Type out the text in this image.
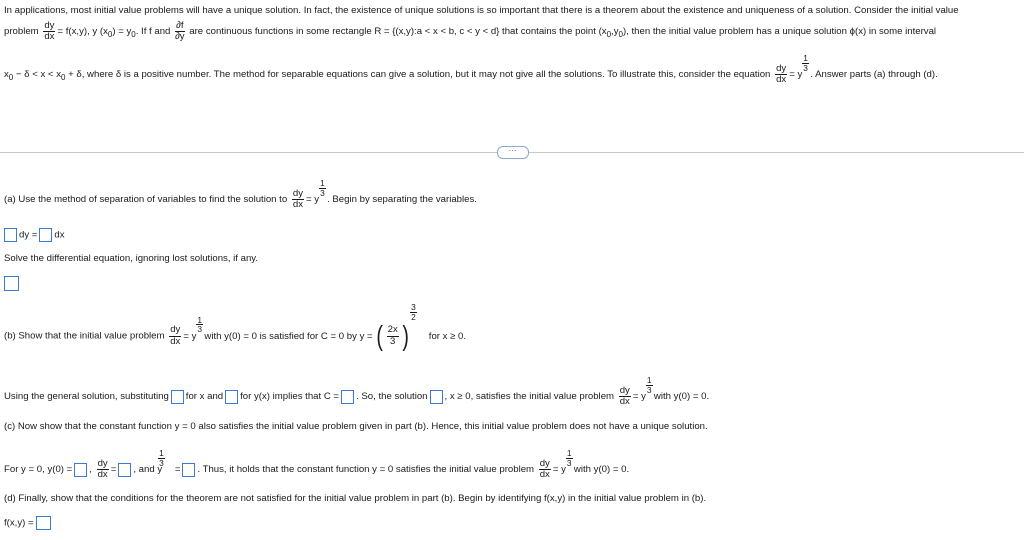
In applications, most initial value problems will have a unique solution. In fact, the existence of unique solutions is so important that there is a theorem about the existence and uniqueness of a solution. Consider the initial value
problem $\frac{dy}{dx} = f(x,y)$, y $(x_0) = y_0$. If f and $\frac{\partial f}{\partial y}$ are continuous functions in some rectangle R = {(x,y):a < x < b, c < y < d} that contains the point $(x_0,y_0)$, then the initial value problem has a unique solution ϕ(x) in some interval
$x_0 - \delta < x < x_0 + \delta$, where δ is a positive number. The method for separable equations can give a solution, but it may not give all the solutions. To illustrate this, consider the equation $\frac{dy}{dx} = y$
1
3
. Answer parts (a) through (d).
⋯
(a) Use the method of separation of variables to find the solution to $\frac{dy}{dx} = y$
1
3
. Begin by separating the variables.
dy = dx
Solve the differential equation, ignoring lost solutions, if any.
(b) Show that the initial value problem $\frac{dy}{dx} = y$
1
3
with y(0) = 0 is satisfied for C = 0 by y = ( $\frac{2x}{3}$ )
3
2
for x ≥ 0.
Using the general solution, substituting for x and for y(x) implies that C = . So, the solution , x ≥ 0, satisfies the initial value problem $\frac{dy}{dx} = y$
1
3
with y(0) = 0.
(c) Now show that the constant function y = 0 also satisfies the initial value problem given in part (b). Hence, this initial value problem does not have a unique solution.
For y = 0, y(0) = , $\frac{dy}{dx}$ = , and y
1
3
= . Thus, it holds that the constant function y = 0 satisfies the initial value problem $\frac{dy}{dx} = y$
1
3
with y(0) = 0.
(d) Finally, show that the conditions for the theorem are not satisfied for the initial value problem in part (b). Begin by identifying f(x,y) in the initial value problem in (b).
f(x,y) =
